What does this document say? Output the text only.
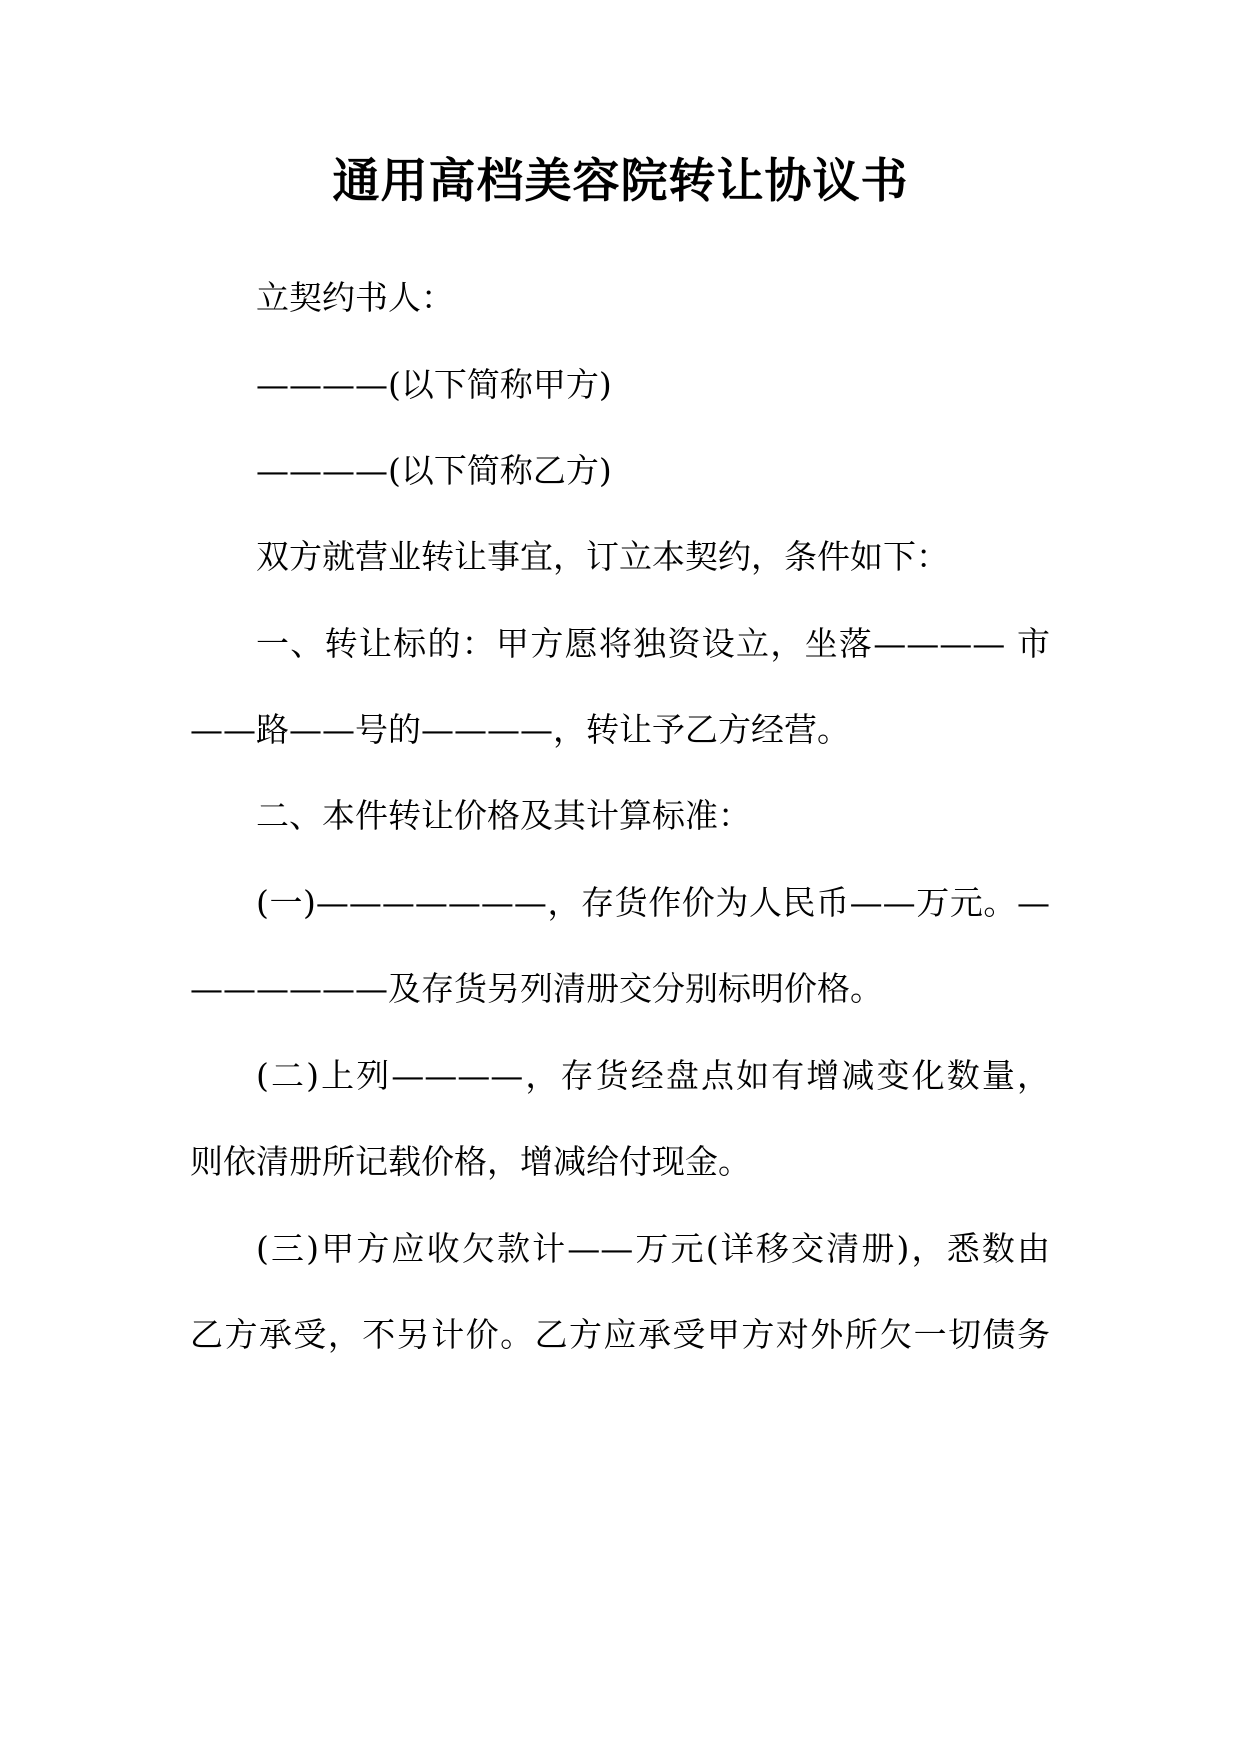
通用高档美容院转让协议书

立契约书人：

————(以下简称甲方)

————(以下简称乙方)

双方就营业转让事宜，订立本契约，条件如下：

一、转让标的：甲方愿将独资设立，坐落———— 市

——路——号的————，转让予乙方经营。

二、本件转让价格及其计算标准：

(一)———————，存货作价为人民币——万元。—

——————及存货另列清册交分别标明价格。

(二)上列————，存货经盘点如有增减变化数量，

则依清册所记载价格，增减给付现金。

(三)甲方应收欠款计——万元(详移交清册)，悉数由

乙方承受，不另计价。乙方应承受甲方对外所欠一切债务
